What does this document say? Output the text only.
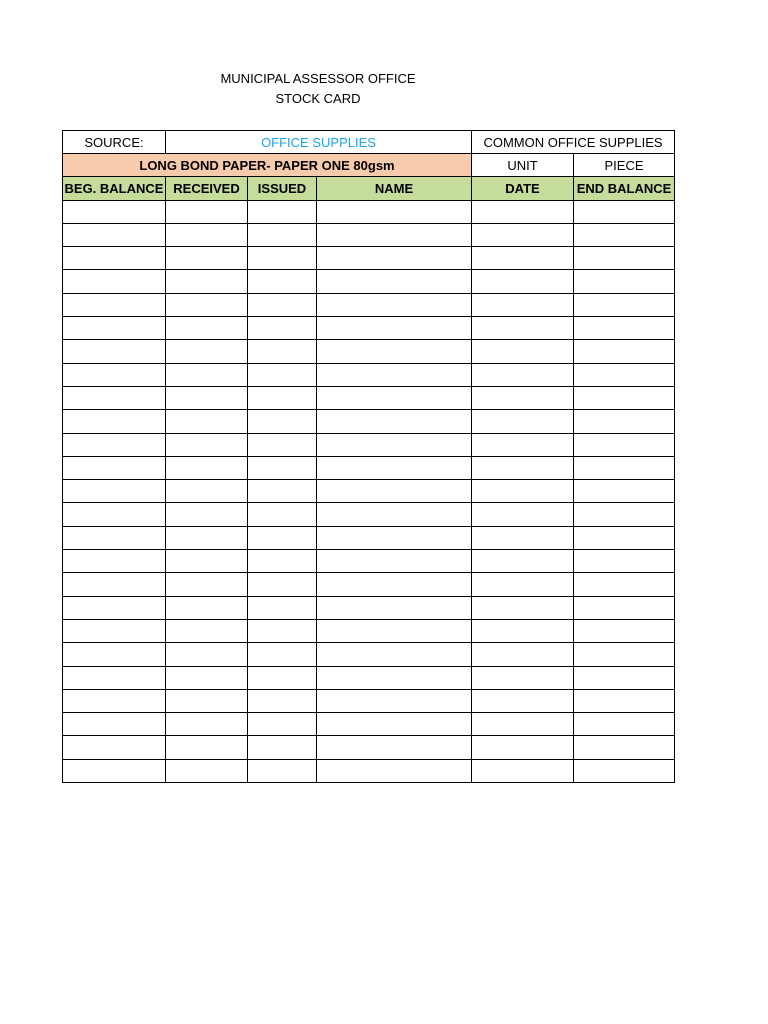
MUNICIPAL ASSESSOR OFFICE
STOCK CARD
SOURCE:	OFFICE SUPPLIES			COMMON OFFICE SUPPLIES	
LONG BOND PAPER- PAPER ONE 80gsm				UNIT	PIECE
BEG. BALANCE	RECEIVED	ISSUED	NAME	DATE	END BALANCE
